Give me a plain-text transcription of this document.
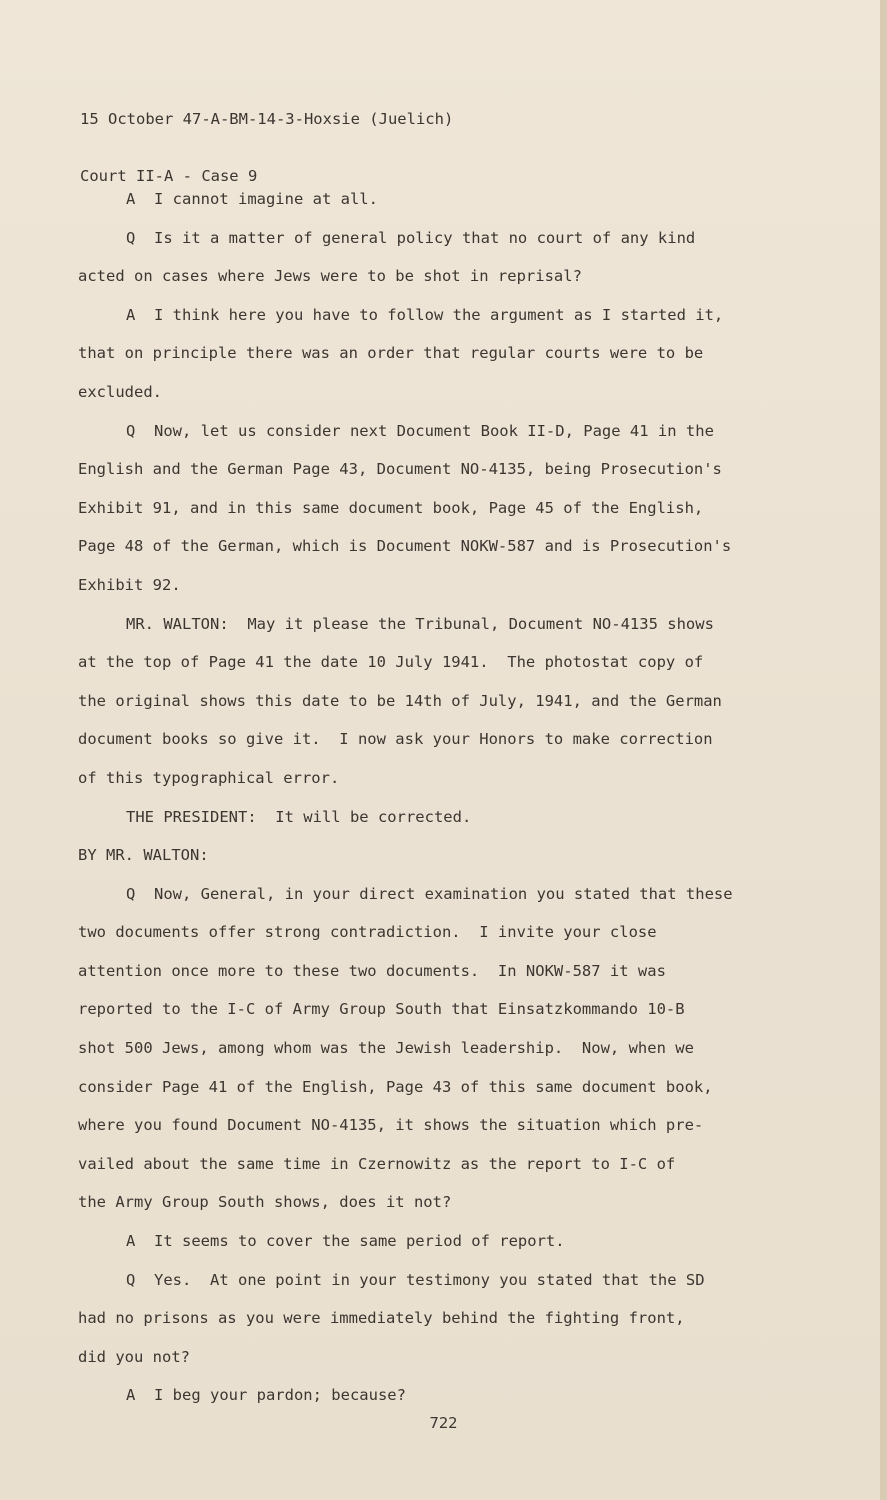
15 October 47-A-BM-14-3-Hoxsie (Juelich)

Court II-A - Case 9

A  I cannot imagine at all.
Q  Is it a matter of general policy that no court of any kind
acted on cases where Jews were to be shot in reprisal?
A  I think here you have to follow the argument as I started it,
that on principle there was an order that regular courts were to be
excluded.
Q  Now, let us consider next Document Book II-D, Page 41 in the
English and the German Page 43, Document NO-4135, being Prosecution's
Exhibit 91, and in this same document book, Page 45 of the English,
Page 48 of the German, which is Document NOKW-587 and is Prosecution's
Exhibit 92.
MR. WALTON:  May it please the Tribunal, Document NO-4135 shows
at the top of Page 41 the date 10 July 1941.  The photostat copy of
the original shows this date to be 14th of July, 1941, and the German
document books so give it.  I now ask your Honors to make correction
of this typographical error.
THE PRESIDENT:  It will be corrected.
BY MR. WALTON:
Q  Now, General, in your direct examination you stated that these
two documents offer strong contradiction.  I invite your close
attention once more to these two documents.  In NOKW-587 it was
reported to the I-C of Army Group South that Einsatzkommando 10-B
shot 500 Jews, among whom was the Jewish leadership.  Now, when we
consider Page 41 of the English, Page 43 of this same document book,
where you found Document NO-4135, it shows the situation which pre-
vailed about the same time in Czernowitz as the report to I-C of
the Army Group South shows, does it not?
A  It seems to cover the same period of report.
Q  Yes.  At one point in your testimony you stated that the SD
had no prisons as you were immediately behind the fighting front,
did you not?
A  I beg your pardon; because?
722
